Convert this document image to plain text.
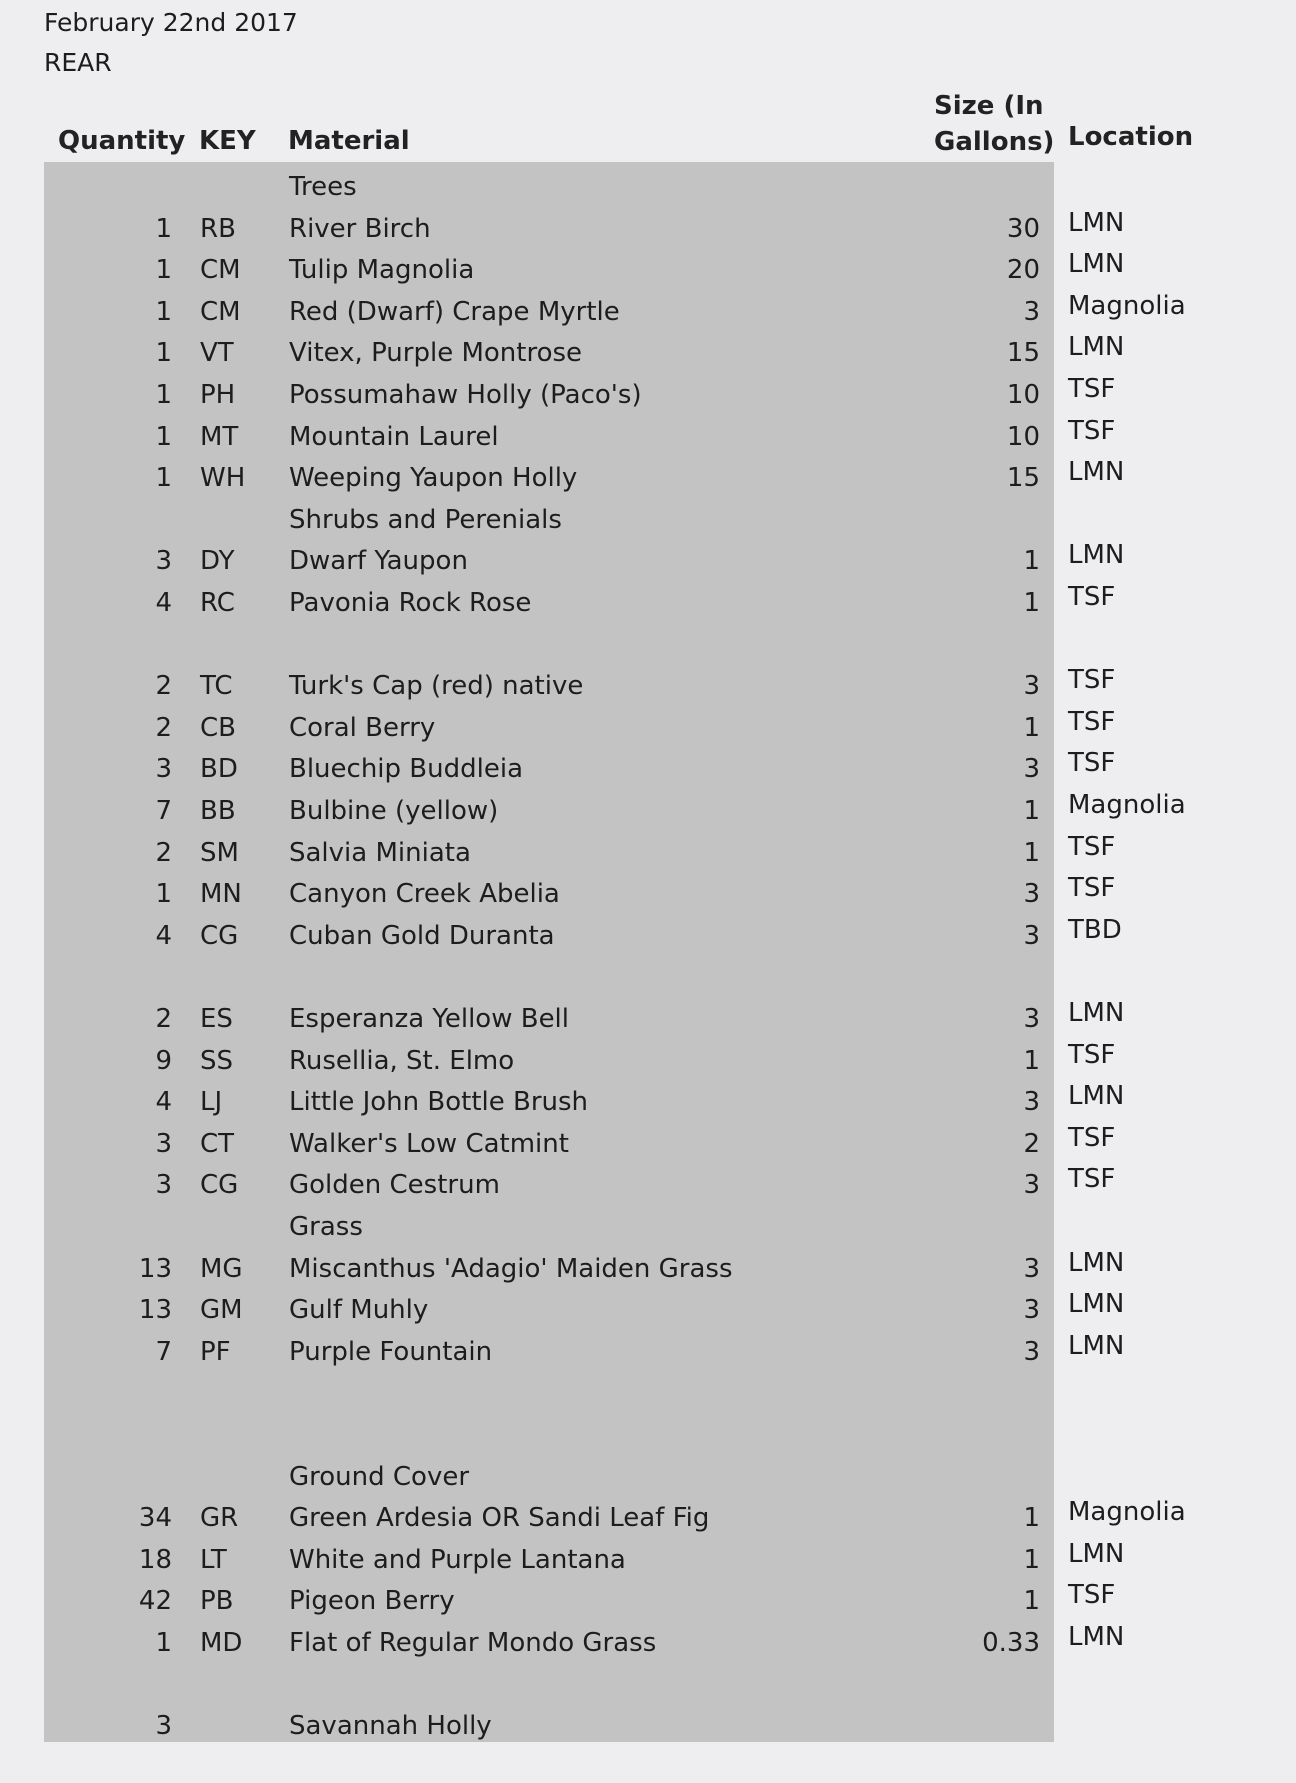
February 22nd 2017
REAR
Quantity KEY Material
Size (In Gallons) Location
Trees
1 RB River Birch	30 LMN
1 CM Tulip Magnolia	20 LMN
1 CM Red (Dwarf) Crape Myrtle	3 Magnolia
1 VT Vitex, Purple Montrose	15 LMN
1 PH Possumahaw Holly (Paco's)	10 TSF
1 MT Mountain Laurel	10 TSF
1 WH Weeping Yaupon Holly	15 LMN
Shrubs and Perenials
3 DY Dwarf Yaupon	1 LMN
4 RC Pavonia Rock Rose	1 TSF
2 TC Turk's Cap (red) native	3 TSF
2 CB Coral Berry	1 TSF
3 BD Bluechip Buddleia	3 TSF
7 BB Bulbine (yellow)	1 Magnolia
2 SM Salvia Miniata	1 TSF
1 MN Canyon Creek Abelia	3 TSF
4 CG Cuban Gold Duranta	3 TBD
2 ES Esperanza Yellow Bell	3 LMN
9 SS Rusellia, St. Elmo	1 TSF
4 LJ	Little John Bottle Brush	3 LMN
3 CT Walker's Low Catmint	2 TSF
3 CG Golden Cestrum	3 TSF
Grass
13 MG Miscanthus 'Adagio' Maiden Grass	3 LMN
13 GM Gulf Muhly	3 LMN
7 PF Purple Fountain	3 LMN
Ground Cover
34 GR Green Ardesia OR Sandi Leaf Fig	1 Magnolia
18 LT White and Purple Lantana	1 LMN
42 PB Pigeon Berry	1 TSF
1 MD Flat of Regular Mondo Grass	0.33 LMN
3	Savannah Holly
